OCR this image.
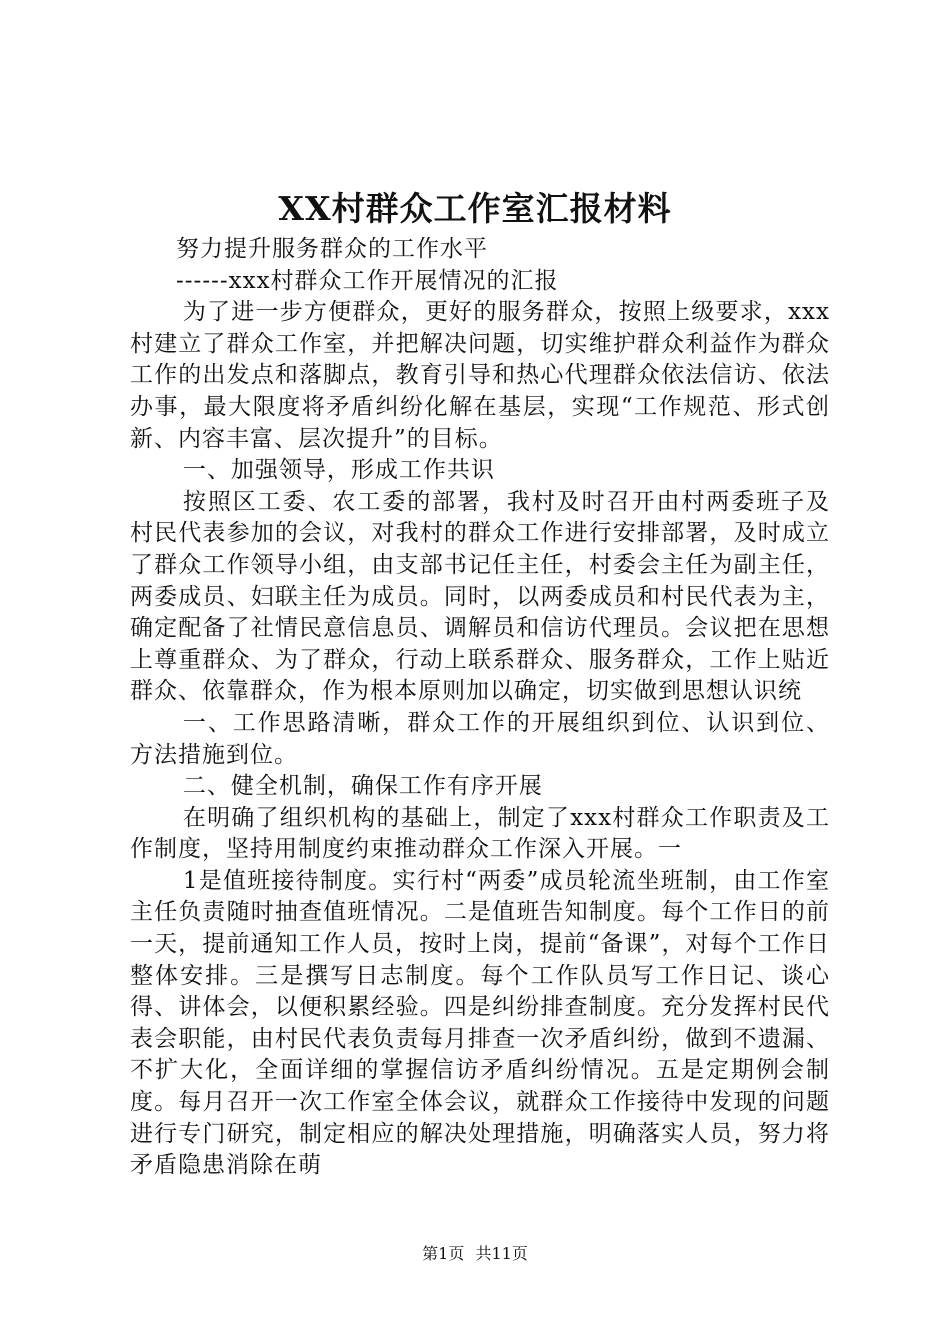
XX村群众工作室汇报材料

努力提升服务群众的工作水平

------xxx村群众工作开展情况的汇报

为了进一步方便群众，更好的服务群众，按照上级要求，xxx村建立了群众工作室，并把解决问题，切实维护群众利益作为群众工作的出发点和落脚点，教育引导和热心代理群众依法信访、依法办事，最大限度将矛盾纠纷化解在基层，实现“工作规范、形式创新、内容丰富、层次提升”的目标。

一、加强领导，形成工作共识

按照区工委、农工委的部署，我村及时召开由村两委班子及村民代表参加的会议，对我村的群众工作进行安排部署，及时成立了群众工作领导小组，由支部书记任主任，村委会主任为副主任，两委成员、妇联主任为成员。同时，以两委成员和村民代表为主，确定配备了社情民意信息员、调解员和信访代理员。会议把在思想上尊重群众、为了群众，行动上联系群众、服务群众，工作上贴近群众、依靠群众，作为根本原则加以确定，切实做到思想认识统

一、工作思路清晰，群众工作的开展组织到位、认识到位、方法措施到位。

二、健全机制，确保工作有序开展

在明确了组织机构的基础上，制定了xxx村群众工作职责及工作制度，坚持用制度约束推动群众工作深入开展。一

1是值班接待制度。实行村“两委”成员轮流坐班制，由工作室主任负责随时抽查值班情况。二是值班告知制度。每个工作日的前一天，提前通知工作人员，按时上岗，提前“备课”，对每个工作日整体安排。三是撰写日志制度。每个工作队员写工作日记、谈心得、讲体会，以便积累经验。四是纠纷排查制度。充分发挥村民代表会职能，由村民代表负责每月排查一次矛盾纠纷，做到不遗漏、不扩大化，全面详细的掌握信访矛盾纠纷情况。五是定期例会制度。每月召开一次工作室全体会议，就群众工作接待中发现的问题进行专门研究，制定相应的解决处理措施，明确落实人员，努力将矛盾隐患消除在萌

第1页 共11页
